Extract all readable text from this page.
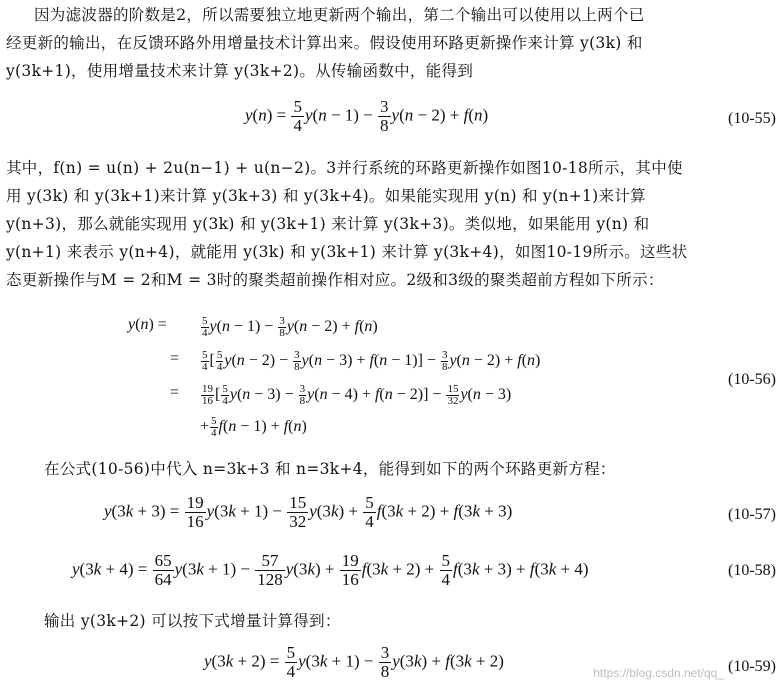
因为滤波器的阶数是2，所以需要独立地更新两个输出，第二个输出可以使用以上两个已
经更新的输出，在反馈环路外用增量技术计算出来。假设使用环路更新操作来计算 y(3k) 和
y(3k+1)，使用增量技术来计算 y(3k+2)。从传输函数中，能得到
$y(n) = \frac{5}{4} y(n - 1) - \frac{3}{8} y(n - 2) + f(n)$	(10-55)
其中，f(n) = u(n) + 2u(n−1) + u(n−2)。3并行系统的环路更新操作如图10-18所示，其中使
用 y(3k) 和 y(3k+1)来计算 y(3k+3) 和 y(3k+4)。如果能实现用 y(n) 和 y(n+1)来计算
y(n+3)，那么就能实现用 y(3k) 和 y(3k+1) 来计算 y(3k+3)。类似地，如果能用 y(n) 和
y(n+1) 来表示 y(n+4)，就能用 y(3k) 和 y(3k+1) 来计算 y(3k+4)，如图10-19所示。这些状
态更新操作与M = 2和M = 3时的聚类超前操作相对应。2级和3级的聚类超前方程如下所示：
y(n) =	$\frac{5}{4} y(n - 1) - \frac{3}{8} y(n - 2) + f(n)$
= $\frac{5}{4}$ [ $\frac{5}{4} y(n - 2) - \frac{3}{8} y(n - 3) + f(n - 1)] - \frac{3}{8} y(n - 2) + f(n)$
= $\frac{19}{16}$ [ $\frac{5}{4} y(n - 3) - \frac{3}{8} y(n - 4) + f(n - 2)] - \frac{15}{32} y(n - 3)$
+ $\frac{5}{4} f(n - 1) + f(n)$
(10-56)
在公式(10-56)中代入 n=3k+3 和 n=3k+4，能得到如下的两个环路更新方程：
$y(3k + 3) = \frac{19}{16} y(3k + 1) - \frac{15}{32} y(3k) + \frac{5}{4} f(3k + 2) + f(3k + 3)$	(10-57)
$y(3k + 4) = \frac{65}{64} y(3k + 1) - \frac{57}{128} y(3k) + \frac{19}{16} f(3k + 2) + \frac{5}{4} f(3k + 3) + f(3k + 4)$	(10-58)
输出 y(3k+2) 可以按下式增量计算得到：
$y(3k + 2) = \frac{5}{4} y(3k + 1) - \frac{3}{8} y(3k) + f(3k + 2)$	(10-59)
https://blog.csdn.net/qq_
